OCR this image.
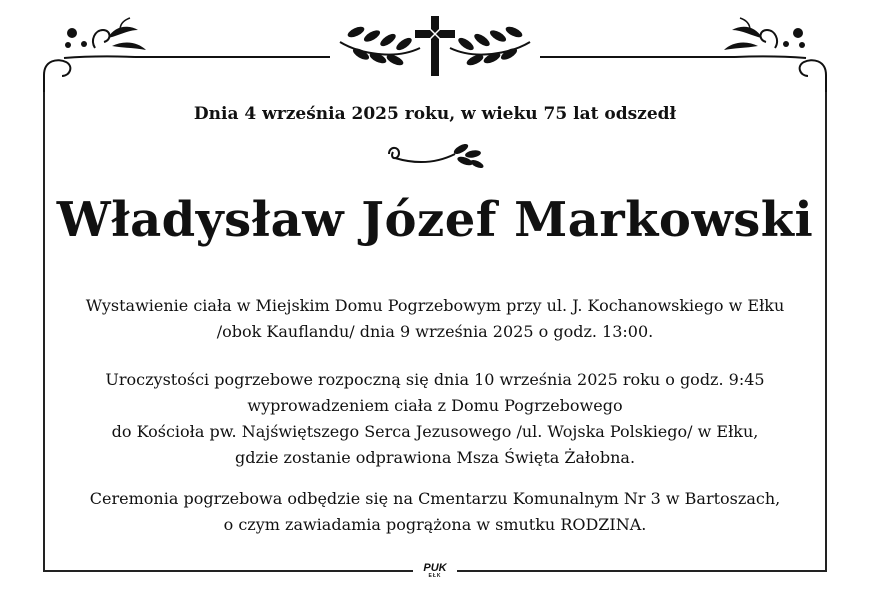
Dnia 4 września 2025 roku, w wieku 75 lat odszedł
Władysław Józef Markowski
Wystawienie ciała w Miejskim Domu Pogrzebowym przy ul. J. Kochanowskiego w Ełku
/obok Kauflandu/ dnia 9 września 2025 o godz. 13:00.
Uroczystości pogrzebowe rozpoczną się dnia 10 września 2025 roku o godz. 9:45
wyprowadzeniem ciała z Domu Pogrzebowego
do Kościoła pw. Najświętszego Serca Jezusowego /ul. Wojska Polskiego/ w Ełku,
gdzie zostanie odprawiona Msza Święta Żałobna.
Ceremonia pogrzebowa odbędzie się na Cmentarzu Komunalnym Nr 3 w Bartoszach,
o czym zawiadamia pogrążona w smutku RODZINA.
PUK
EŁK
